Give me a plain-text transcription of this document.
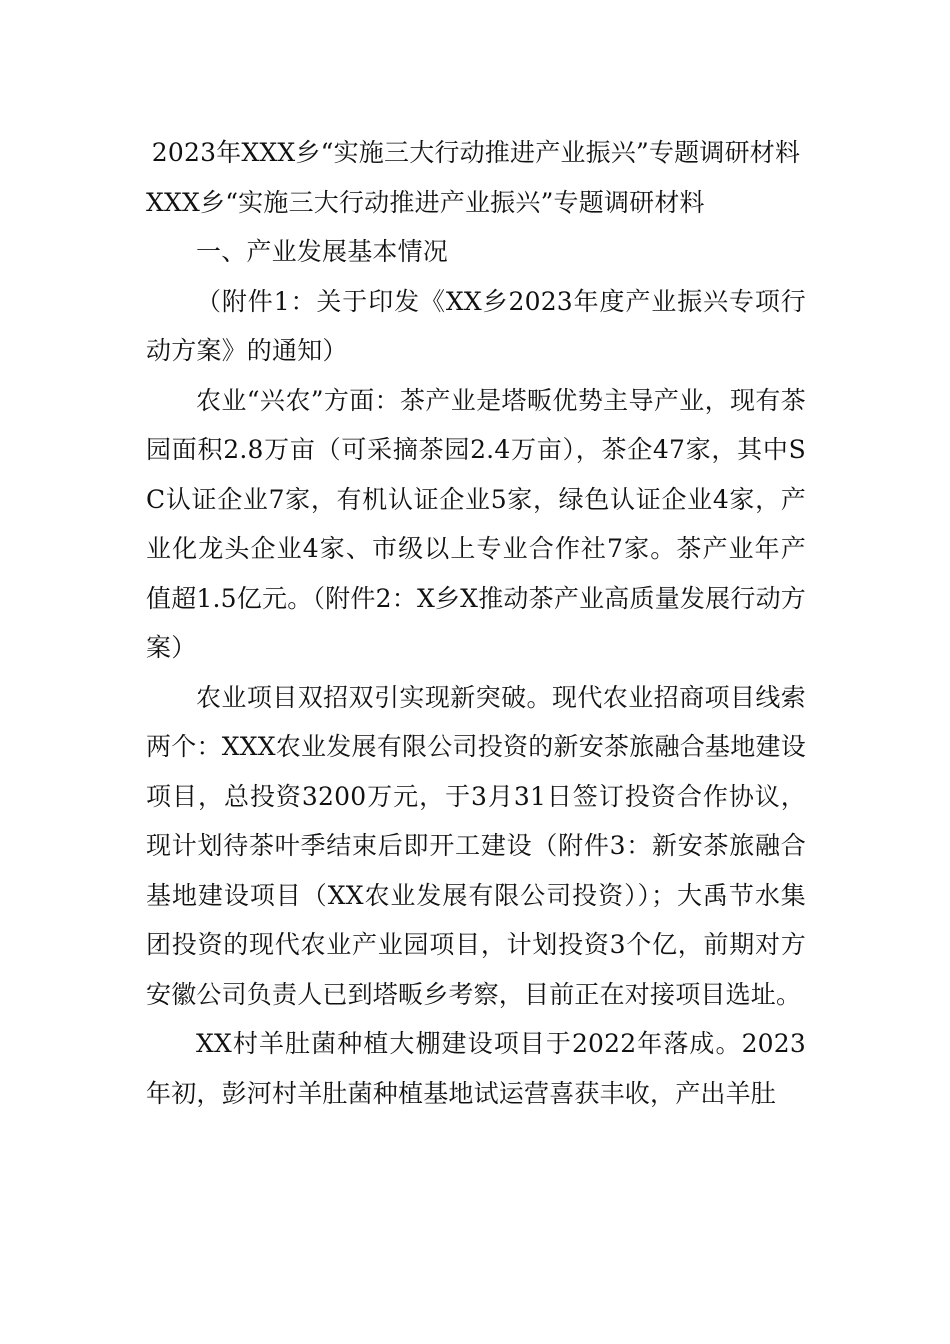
2023年XXX乡“实施三大行动推进产业振兴”专题调研材料

XXX乡“实施三大行动推进产业振兴”专题调研材料

一、产业发展基本情况

（附件1：关于印发《XX乡2023年度产业振兴专项行动方案》的通知）

农业“兴农”方面：茶产业是塔畈优势主导产业，现有茶园面积2.8万亩（可采摘茶园2.4万亩），茶企47家，其中SC认证企业7家，有机认证企业5家，绿色认证企业4家，产业化龙头企业4家、市级以上专业合作社7家。茶产业年产值超1.5亿元。（附件2：X乡X推动茶产业高质量发展行动方案）

农业项目双招双引实现新突破。现代农业招商项目线索两个：XXX农业发展有限公司投资的新安茶旅融合基地建设项目，总投资3200万元，于3月31日签订投资合作协议，现计划待茶叶季结束后即开工建设（附件3：新安茶旅融合基地建设项目（XX农业发展有限公司投资））；大禹节水集团投资的现代农业产业园项目，计划投资3个亿，前期对方安徽公司负责人已到塔畈乡考察，目前正在对接项目选址。

XX村羊肚菌种植大棚建设项目于2022年落成。2023年初，彭河村羊肚菌种植基地试运营喜获丰收，产出羊肚
